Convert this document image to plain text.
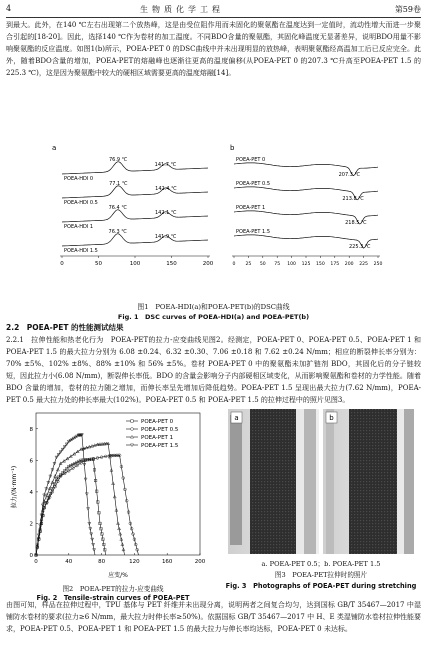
4	生物质化学工程	第59卷
到最大。此外，在140 ℃左右出现第二个放热峰，这是由受位阻作用而未固化的聚氨酯在温度达到一定值时，流动性增大而进一步聚合引起的[18-20]。因此，选择140 ℃作为卷材的加工温度。不同BDO含量的聚氨酯，其固化峰温度无显著差异，说明BDO用量不影响聚氨酯的反应温度。如图1(b)所示，POEA-PET 0 的DSC曲线中并未出现明显的放热峰，表明聚氨酯经高温加工后已反应完全。此外，随着BDO含量的增加，POEA-PET的熔融峰也逐渐往更高的温度偏移(从POEA-PET 0 的207.3 ℃升高至POEA-PET 1.5 的225.3 ℃)，这是因为聚氨酯中较大的硬相区域需要更高的温度熔融[14]。
a
POEA-HDI 0
76.9 ℃
141.7 ℃
POEA-HDI 0.5
77.1 ℃
142.4 ℃
POEA-HDI 1
76.4 ℃
142.1 ℃
POEA-HDI 1.5
76.3 ℃
141.9 ℃
0	50	100	150	200
b
POEA-PET 0
207.3 ℃
POEA-PET 0.5
213.8 ℃
POEA-PET 1
218.5 ℃
POEA-PET 1.5
225.3 ℃
0 25 50 75 100 125 150 175 200 225 250
图1　POEA-HDI(a)和POEA-PET(b)的DSC曲线
Fig. 1　DSC curves of POEA-HDI(a) and POEA-PET(b)
2.2　POEA-PET 的性能测试结果
2.2.1　拉伸性能和热老化行为　POEA-PET的拉力-应变曲线见图2。经测定，POEA-PET 0、POEA-PET 0.5、POEA-PET 1 和 POEA-PET 1.5 的最大拉力分别为 6.08 ±0.24、6.32 ±0.30、7.06 ±0.18 和 7.62 ±0.24 N/mm；相应的断裂伸长率分别为：70% ±5%、102% ±8%、88% ±10% 和 56% ±5%。卷材 POEA-PET 0 中的聚氨酯未加扩链剂 BDO，其固化后的分子链较短，因此拉力小(6.08 N/mm)，断裂伸长率低。BDO 的含量会影响分子内部硬相区域变化，从而影响聚氨酯和卷材的力学性能。随着 BDO 含量的增加，卷材的拉力随之增加，而伸长率呈先增加后降低趋势。POEA-PET 1.5 呈现出最大拉力(7.62 N/mm)，POEA-PET 0.5 最大拉力处的伸长率最大(102%)。POEA-PET 0.5 和 POEA-PET 1.5 的拉伸过程中的照片见图3。
拉力/(N·mm⁻¹)
应变/%
0	40	80	120	160	200
0
2
4
6
8
POEA-PET 0
POEA-PET 0.5
POEA-PET 1
POEA-PET 1.5
图2　POEA-PET的拉力-应变曲线
Fig. 2　Tensile-strain curves of POEA-PET
a	b
a. POEA-PET 0.5；b. POEA-PET 1.5
图3　POEA-PET拉伸时的照片
Fig. 3　Photographs of POEA-PET during stretching
由图可知，样品在拉伸过程中，TPU 基体与 PET 纤维并未出现分离，说明两者之间复合均匀，达到国标 GB/T 35467—2017 中湿铺防水卷材的要求(拉力≥6 N/mm，最大拉力时伸长率≥50%)。依据国标 GB/T 35467—2017 中 H、E 类湿铺防水卷材拉伸性能要求，POEA-PET 0.5、POEA-PET 1 和 POEA-PET 1.5 的最大拉力与伸长率均达标，POEA-PET 0 未达标。
